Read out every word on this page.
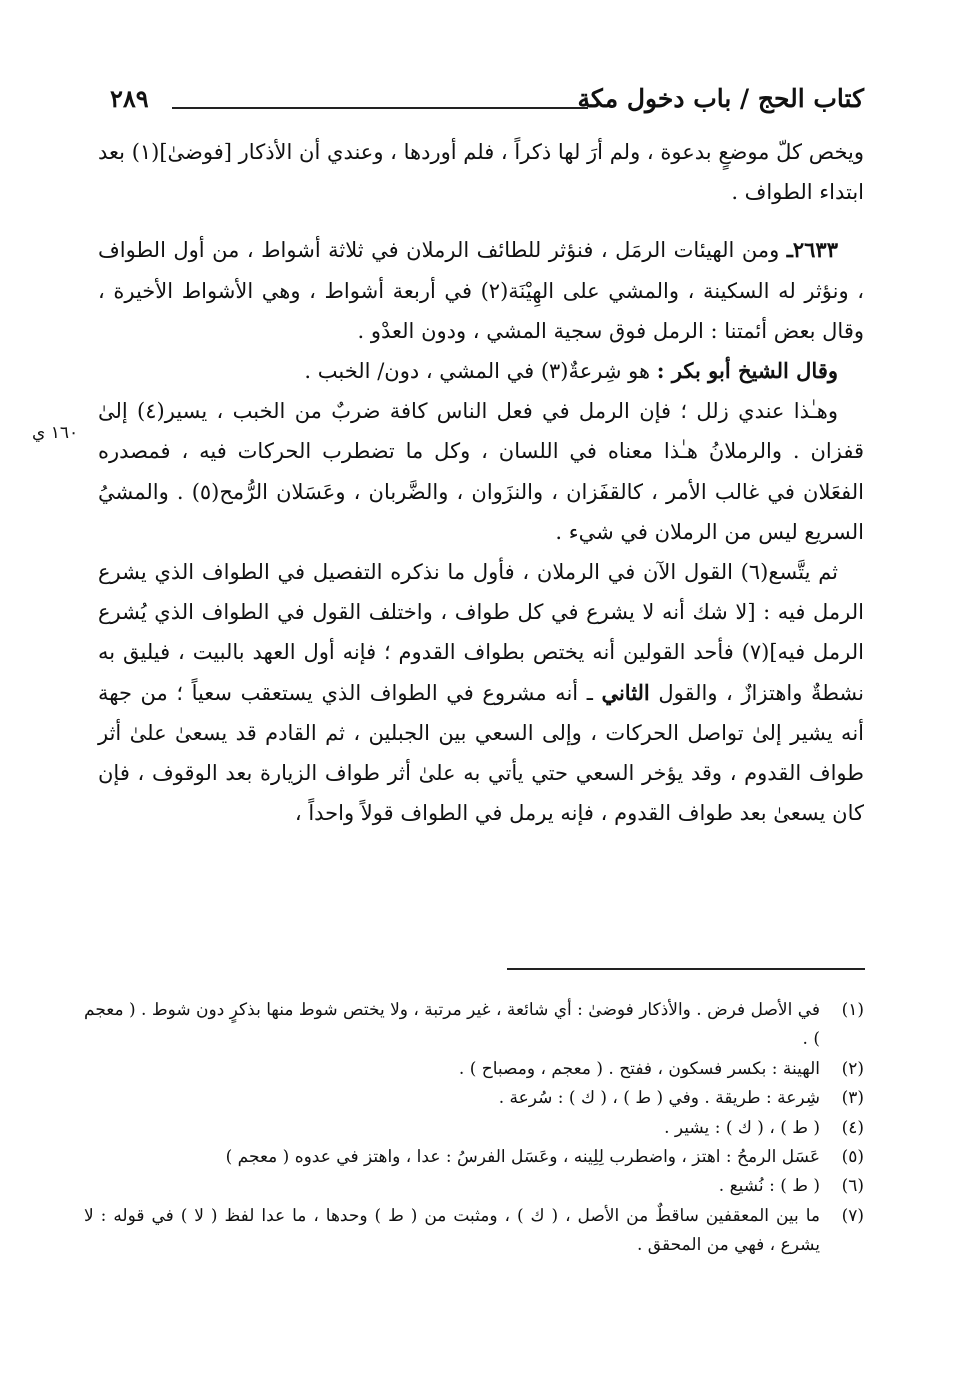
كتاب الحج / باب دخول مكة
٢٨٩
١٦٠ ي

ويخص كلّ موضعٍ بدعوة ، ولم أرَ لها ذكراً ، فلم أوردها ، وعندي أن الأذكار [فوضىٰ](١) بعد ابتداء الطواف .

٢٦٣٣ـ ومن الهيئات الرمَل ، فنؤثر للطائف الرملان في ثلاثة أشواط ، من أول الطواف ، ونؤثر له السكينة ، والمشي على الهِيْنَة(٢) في أربعة أشواط ، وهي الأشواط الأخيرة ، وقال بعض أئمتنا : الرمل فوق سجية المشي ، ودون العدْو .

وقال الشيخ أبو بكر : هو شِرعةٌ(٣) في المشي ، دون/ الخبب .

وهـٰذا عندي زلل ؛ فإن الرمل في فعل الناس كافة ضربٌ من الخبب ، يسير(٤) إلىٰ قفزان . والرملانُ هـٰذا معناه في اللسان ، وكل ما تضطرب الحركات فيه ، فمصدره الفعَلان في غالب الأمر ، كالقفَزان ، والنزَوان ، والضَّربان ، وعَسَلان الرُّمح(٥) . والمشيُ السريع ليس من الرملان في شيء .

ثم يتَّسع(٦) القول الآن في الرملان ، فأول ما نذكره التفصيل في الطواف الذي يشرع الرمل فيه : [لا شك أنه لا يشرع في كل طواف ، واختلف القول في الطواف الذي يُشرع الرمل فيه](٧) فأحد القولين أنه يختص بطواف القدوم ؛ فإنه أول العهد بالبيت ، فيليق به نشطةٌ واهتزازٌ ، والقول الثاني ـ أنه مشروع في الطواف الذي يستعقب سعياً ؛ من جهة أنه يشير إلىٰ تواصل الحركات ، وإلى السعي بين الجبلين ، ثم القادم قد يسعىٰ علىٰ أثر طواف القدوم ، وقد يؤخر السعي حتي يأتي به علىٰ أثر طواف الزيارة بعد الوقوف ، فإن كان يسعىٰ بعد طواف القدوم ، فإنه يرمل في الطواف قولاً واحداً ،

(١)
في الأصل فرض . والأذكار فوضىٰ : أي شائعة ، غير مرتبة ، ولا يختص شوط منها بذكرٍ دون شوط . ( معجم ) .
(٢)
الهينة : بكسر فسكون ، ففتح . ( معجم ، ومصباح ) .
(٣)
شِرعة : طريقة . وفي ( ط ) ، ( ك ) : سُرعة .
(٤)
( ط ) ، ( ك ) : يشير .
(٥)
عَسَل الرمحُ : اهتز ، واضطرب لِلِينه ، وعَسَل الفرسُ : عدا ، واهتز في عدوه ( معجم )
(٦)
( ط ) : نُشيع .
(٧)
ما بين المعقفين ساقطٌ من الأصل ، ( ك ) ، ومثبت من ( ط ) وحدها ، ما عدا لفظ ( لا ) في قوله : لا يشرع ، فهي من المحقق .
